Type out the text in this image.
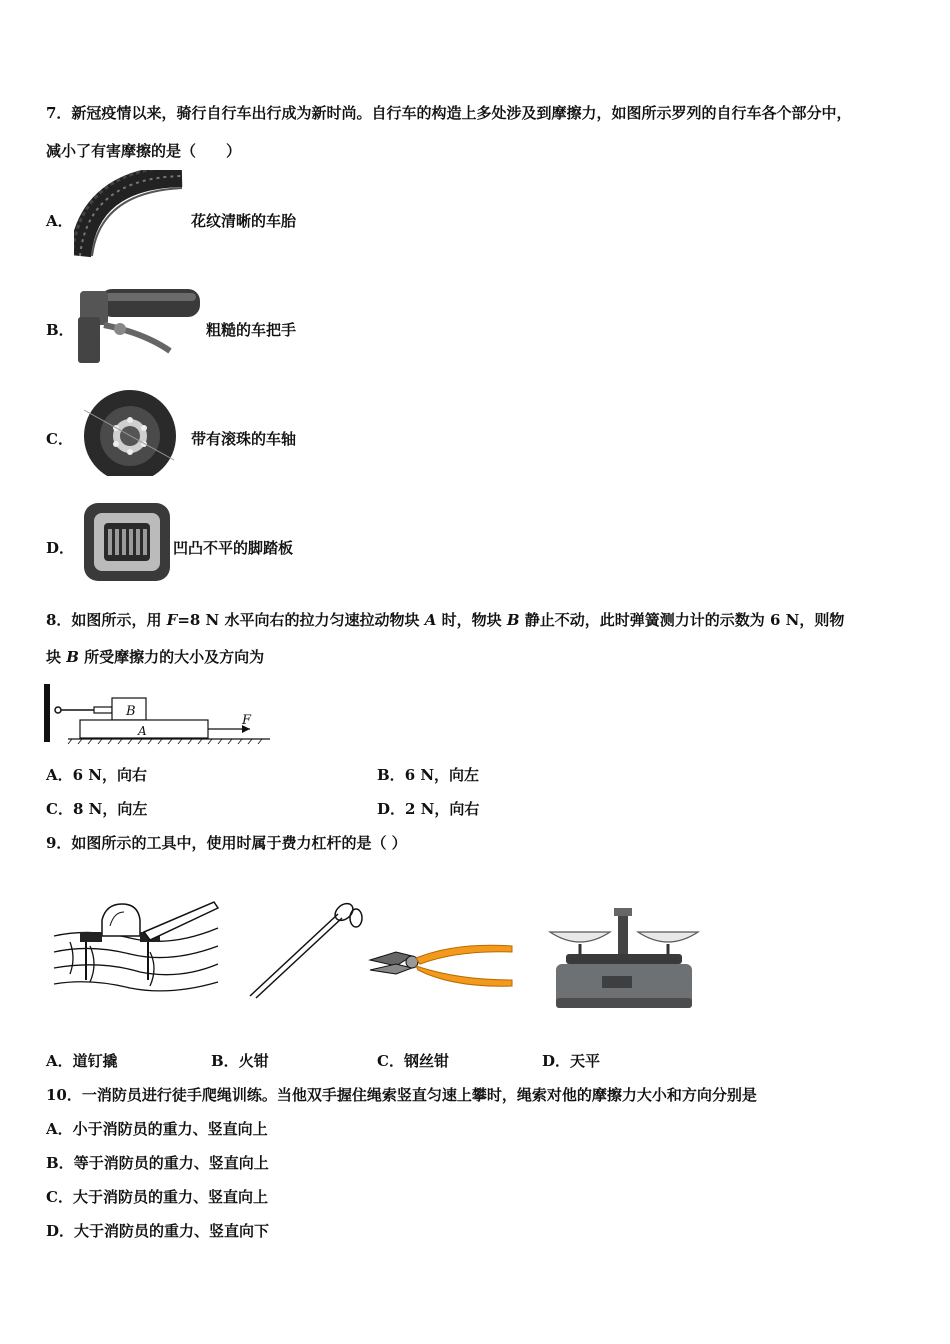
7．新冠疫情以来，骑行自行车出行成为新时尚。自行车的构造上多处涉及到摩擦力，如图所示罗列的自行车各个部分中，
减小了有害摩擦的是（　　）
A．	花纹清晰的车胎
B．	粗糙的车把手
C．	带有滚珠的车轴
D．	凹凸不平的脚踏板
8．如图所示，用 F=8 N 水平向右的拉力匀速拉动物块 A 时，物块 B 静止不动，此时弹簧测力计的示数为 6 N，则物
块 B 所受摩擦力的大小及方向为
B
A
F
A．6 N，向右	B．6 N，向左
C．8 N，向左	D．2 N，向右
9．如图所示的工具中，使用时属于费力杠杆的是（ ）
A．道钉撬	B．火钳	C．钢丝钳	D．天平
10．一消防员进行徒手爬绳训练。当他双手握住绳索竖直匀速上攀时，绳索对他的摩擦力大小和方向分别是
A．小于消防员的重力、竖直向上
B．等于消防员的重力、竖直向上
C．大于消防员的重力、竖直向上
D．大于消防员的重力、竖直向下
